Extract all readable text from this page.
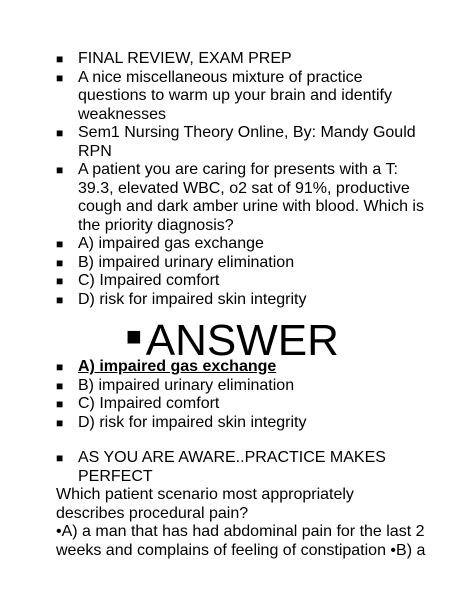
■ FINAL REVIEW, EXAM PREP
■ A nice miscellaneous mixture of practice questions to warm up your brain and identify weaknesses
■ Sem1 Nursing Theory Online, By: Mandy Gould RPN
■ A patient you are caring for presents with a T: 39.3, elevated WBC, o2 sat of 91%, productive cough and dark amber urine with blood. Which is the priority diagnosis?
■ A) impaired gas exchange
■ B) impaired urinary elimination
■ C) Impaired comfort
■ D) risk for impaired skin integrity
■ANSWER
■ A) impaired gas exchange
■ B) impaired urinary elimination
■ C) Impaired comfort
■ D) risk for impaired skin integrity
■ AS YOU ARE AWARE..PRACTICE MAKES PERFECT

Which patient scenario most appropriately describes procedural pain?

•A) a man that has had abdominal pain for the last 2 weeks and complains of feeling of constipation •B) a
